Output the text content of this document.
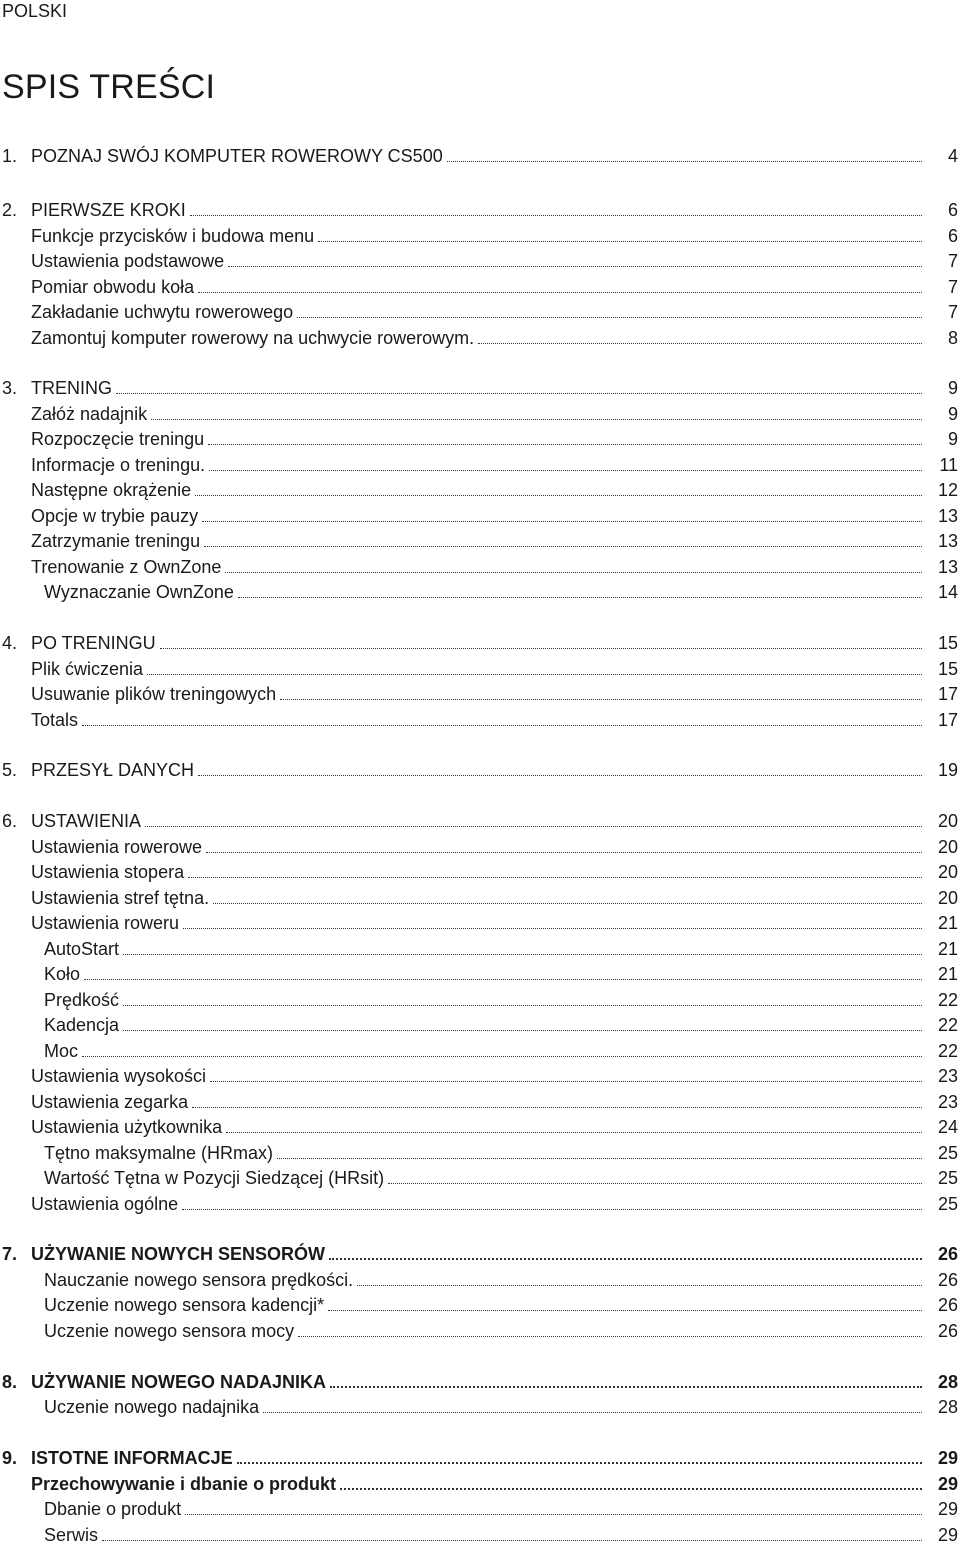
POLSKI
SPIS TREŚCI
1. POZNAJ SWÓJ KOMPUTER ROWEROWY CS500	4
2. PIERWSZE KROKI	6
Funkcje przycisków i budowa menu	6
Ustawienia podstawowe	7
Pomiar obwodu koła	7
Zakładanie uchwytu rowerowego	7
Zamontuj komputer rowerowy na uchwycie rowerowym.	8
3. TRENING	9
Załóż nadajnik	9
Rozpoczęcie treningu	9
Informacje o treningu.	11
Następne okrążenie	12
Opcje w trybie pauzy	13
Zatrzymanie treningu	13
Trenowanie z OwnZone	13
Wyznaczanie OwnZone	14
4. PO TRENINGU	15
Plik ćwiczenia	15
Usuwanie plików treningowych	17
Totals	17
5. PRZESYŁ DANYCH	19
6. USTAWIENIA	20
Ustawienia rowerowe	20
Ustawienia stopera	20
Ustawienia stref tętna.	20
Ustawienia roweru	21
AutoStart	21
Koło	21
Prędkość	22
Kadencja	22
Moc	22
Ustawienia wysokości	23
Ustawienia zegarka	23
Ustawienia użytkownika	24
Tętno maksymalne (HRmax)	25
Wartość Tętna w Pozycji Siedzącej (HRsit)	25
Ustawienia ogólne	25
7. UŻYWANIE NOWYCH SENSORÓW	26
Nauczanie nowego sensora prędkości.	26
Uczenie nowego sensora kadencji*	26
Uczenie nowego sensora mocy	26
8. UŻYWANIE NOWEGO NADAJNIKA	28
Uczenie nowego nadajnika	28
9. ISTOTNE INFORMACJE	29
Przechowywanie i dbanie o produkt	29
Dbanie o produkt	29
Serwis	29
